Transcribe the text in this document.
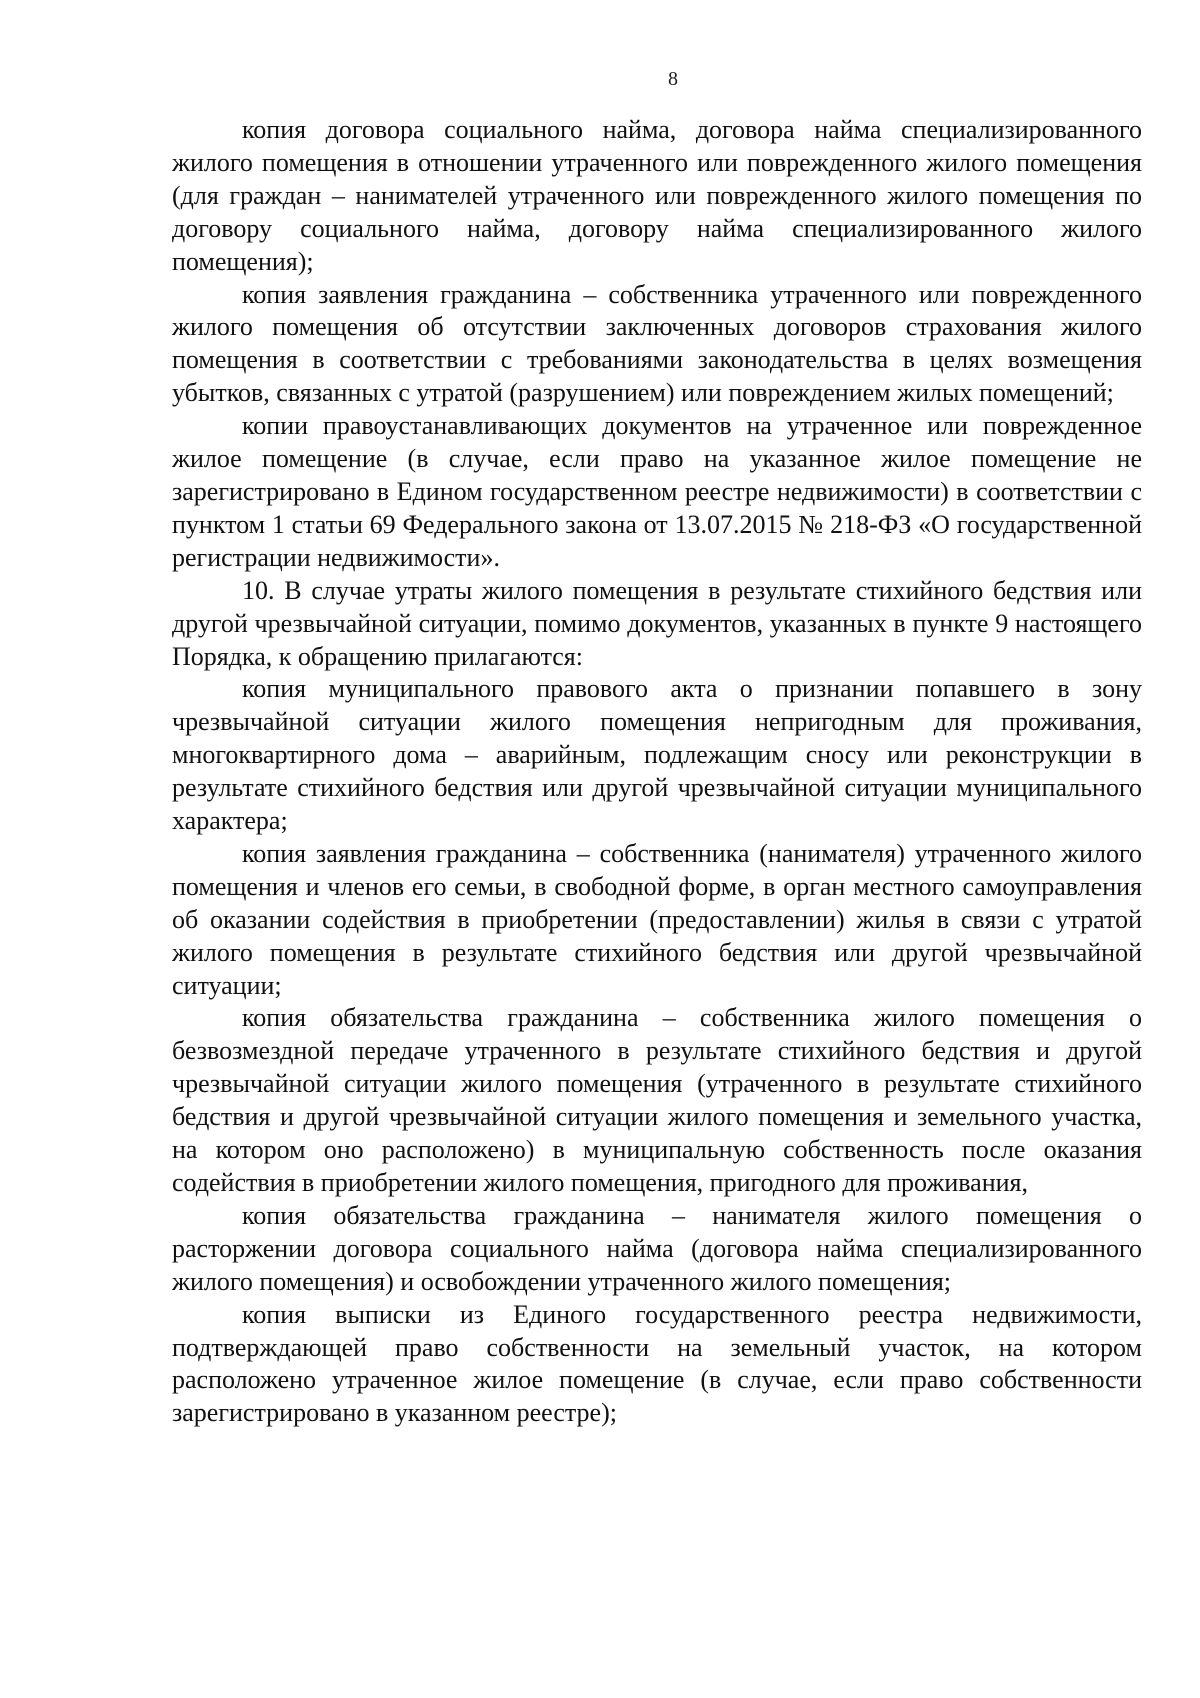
8

копия договора социального найма, договора найма специализированного жилого помещения в отношении утраченного или поврежденного жилого помещения (для граждан – нанимателей утраченного или поврежденного жилого помещения по договору социального найма, договору найма специализированного жилого помещения);

копия заявления гражданина – собственника утраченного или поврежденного жилого помещения об отсутствии заключенных договоров страхования жилого помещения в соответствии с требованиями законодательства в целях возмещения убытков, связанных с утратой (разрушением) или повреждением жилых помещений;

копии правоустанавливающих документов на утраченное или поврежденное жилое помещение (в случае, если право на указанное жилое помещение не зарегистрировано в Едином государственном реестре недвижимости) в соответствии с пунктом 1 статьи 69 Федерального закона от 13.07.2015 № 218-ФЗ «О государственной регистрации недвижимости».

10. В случае утраты жилого помещения в результате стихийного бедствия или другой чрезвычайной ситуации, помимо документов, указанных в пункте 9 настоящего Порядка, к обращению прилагаются:

копия муниципального правового акта о признании попавшего в зону чрезвычайной ситуации жилого помещения непригодным для проживания, многоквартирного дома – аварийным, подлежащим сносу или реконструкции в результате стихийного бедствия или другой чрезвычайной ситуации муниципального характера;

копия заявления гражданина – собственника (нанимателя) утраченного жилого помещения и членов его семьи, в свободной форме, в орган местного самоуправления об оказании содействия в приобретении (предоставлении) жилья в связи с утратой жилого помещения в результате стихийного бедствия или другой чрезвычайной ситуации;

копия обязательства гражданина – собственника жилого помещения о безвозмездной передаче утраченного в результате стихийного бедствия и другой чрезвычайной ситуации жилого помещения (утраченного в результате стихийного бедствия и другой чрезвычайной ситуации жилого помещения и земельного участка, на котором оно расположено) в муниципальную собственность после оказания содействия в приобретении жилого помещения, пригодного для проживания,

копия обязательства гражданина – нанимателя жилого помещения о расторжении договора социального найма (договора найма специализированного жилого помещения) и освобождении утраченного жилого помещения;

копия выписки из Единого государственного реестра недвижимости, подтверждающей право собственности на земельный участок, на котором расположено утраченное жилое помещение (в случае, если право собственности зарегистрировано в указанном реестре);
